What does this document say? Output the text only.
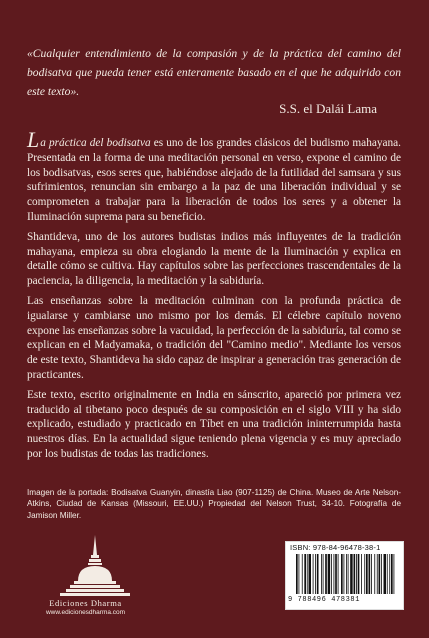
«Cualquier entendimiento de la compasión y de la práctica del camino del bodisatva que pueda tener está enteramente basado en el que he adquirido con este texto».
S.S. el Dalái Lama

La práctica del bodisatva es uno de los grandes clásicos del budismo mahayana. Presentada en la forma de una meditación personal en verso, expone el camino de los bodisatvas, esos seres que, habiéndose alejado de la futilidad del samsara y sus sufrimientos, renuncian sin embargo a la paz de una liberación individual y se comprometen a trabajar para la liberación de todos los seres y a obtener la Iluminación suprema para su beneficio.

Shantideva, uno de los autores budistas indios más influyentes de la tradición mahayana, empieza su obra elogiando la mente de la Iluminación y explica en detalle cómo se cultiva. Hay capítulos sobre las perfecciones trascendentales de la paciencia, la diligencia, la meditación y la sabiduría.

Las enseñanzas sobre la meditación culminan con la profunda práctica de igualarse y cambiarse uno mismo por los demás. El célebre capítulo noveno expone las enseñanzas sobre la vacuidad, la perfección de la sabiduría, tal como se explican en el Madyamaka, o tradición del "Camino medio". Mediante los versos de este texto, Shantideva ha sido capaz de inspirar a generación tras generación de practicantes.

Este texto, escrito originalmente en India en sánscrito, apareció por primera vez traducido al tibetano poco después de su composición en el siglo VIII y ha sido explicado, estudiado y practicado en Tíbet en una tradición ininterrumpida hasta nuestros días. En la actualidad sigue teniendo plena vigencia y es muy apreciado por los budistas de todas las tradiciones.

Imagen de la portada: Bodisatva Guanyin, dinastía Liao (907-1125) de China. Museo de Arte Nelson-Atkins, Ciudad de Kansas (Missouri, EE.UU.) Propiedad del Nelson Trust, 34-10. Fotografía de Jamison Miller.
Ediciones Dharma
www.edicionesdharma.com
ISBN: 978-84-96478-38-1
9 788496 478381
